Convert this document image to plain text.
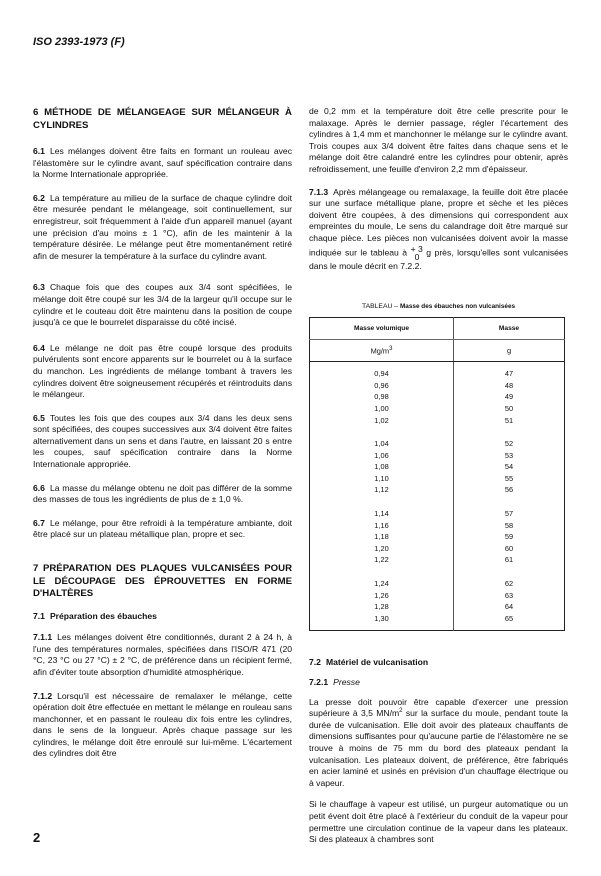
ISO 2393-1973 (F)
6 MÉTHODE DE MÉLANGEAGE SUR MÉLANGEUR À CYLINDRES
6.1 Les mélanges doivent être faits en formant un rouleau avec l'élastomère sur le cylindre avant, sauf spécification contraire dans la Norme Internationale appropriée.
6.2 La température au milieu de la surface de chaque cylindre doit être mesurée pendant le mélangeage, soit continuellement, sur enregistreur, soit fréquemment à l'aide d'un appareil manuel (ayant une précision d'au moins ± 1 °C), afin de les maintenir à la température désirée. Le mélange peut être momentanément retiré afin de mesurer la température à la surface du cylindre avant.
6.3 Chaque fois que des coupes aux 3/4 sont spécifiées, le mélange doit être coupé sur les 3/4 de la largeur qu'il occupe sur le cylindre et le couteau doit être maintenu dans la position de coupe jusqu'à ce que le bourrelet disparaisse du côté incisé.
6.4 Le mélange ne doit pas être coupé lorsque des produits pulvérulents sont encore apparents sur le bourrelet ou à la surface du manchon. Les ingrédients de mélange tombant à travers les cylindres doivent être soigneusement récupérés et réintroduits dans le mélangeur.
6.5 Toutes les fois que des coupes aux 3/4 dans les deux sens sont spécifiées, des coupes successives aux 3/4 doivent être faites alternativement dans un sens et dans l'autre, en laissant 20 s entre les coupes, sauf spécification contraire dans la Norme Internationale appropriée.
6.6 La masse du mélange obtenu ne doit pas différer de la somme des masses de tous les ingrédients de plus de ± 1,0 %.
6.7 Le mélange, pour être refroidi à la température ambiante, doit être placé sur un plateau métallique plan, propre et sec.
7 PRÉPARATION DES PLAQUES VULCANISÉES POUR LE DÉCOUPAGE DES ÉPROUVETTES EN FORME D'HALTÈRES
7.1 Préparation des ébauches
7.1.1 Les mélanges doivent être conditionnés, durant 2 à 24 h, à l'une des températures normales, spécifiées dans l'ISO/R 471 (20 °C, 23 °C ou 27 °C) ± 2 °C, de préférence dans un récipient fermé, afin d'éviter toute absorption d'humidité atmosphérique.
7.1.2 Lorsqu'il est nécessaire de remalaxer le mélange, cette opération doit être effectuée en mettant le mélange en rouleau sans manchonner, et en passant le rouleau dix fois entre les cylindres, dans le sens de la longueur. Après chaque passage sur les cylindres, le mélange doit être enroulé sur lui-même. L'écartement des cylindres doit être
2
de 0,2 mm et la température doit être celle prescrite pour le malaxage. Après le dernier passage, régler l'écartement des cylindres à 1,4 mm et manchonner le mélange sur le cylindre avant. Trois coupes aux 3/4 doivent être faites dans chaque sens et le mélange doit être calandré entre les cylindres pour obtenir, après refroidissement, une feuille d'environ 2,2 mm d'épaisseur.
7.1.3 Après mélangeage ou remalaxage, la feuille doit être placée sur une surface métallique plane, propre et sèche et les pièces doivent être coupées, à des dimensions qui correspondent aux empreintes du moule, Le sens du calandrage doit être marqué sur chaque pièce. Les pièces non vulcanisées doivent avoir la masse indiquée sur le tableau à + 3
0 g près, lorsqu'elles sont vulcanisées dans le moule décrit en 7.2.2.
TABLEAU – Masse des ébauches non vulcanisées
Masse volumique	Masse
$Mg/m^3$	g
0,94	47
0,96	48
0,98	49
1,00	50
1,02	51
1,04	52
1,06	53
1,08	54
1,10	55
1,12	56
1,14	57
1,16	58
1,18	59
1,20	60
1,22	61
1,24	62
1,26	63
1,28	64
1,30	65
7.2 Matériel de vulcanisation
7.2.1 Presse
La presse doit pouvoir être capable d'exercer une pression supérieure à 3,5 $MN/m^2$ sur la surface du moule, pendant toute la durée de vulcanisation. Elle doit avoir des plateaux chauffants de dimensions suffisantes pour qu'aucune partie de l'élastomère ne se trouve à moins de 75 mm du bord des plateaux pendant la vulcanisation. Les plateaux doivent, de préférence, être fabriqués en acier laminé et usinés en prévision d'un chauffage électrique ou à vapeur.
Si le chauffage à vapeur est utilisé, un purgeur automatique ou un petit évent doit être placé à l'extérieur du conduit de la vapeur pour permettre une circulation continue de la vapeur dans les plateaux. Si des plateaux à chambres sont
